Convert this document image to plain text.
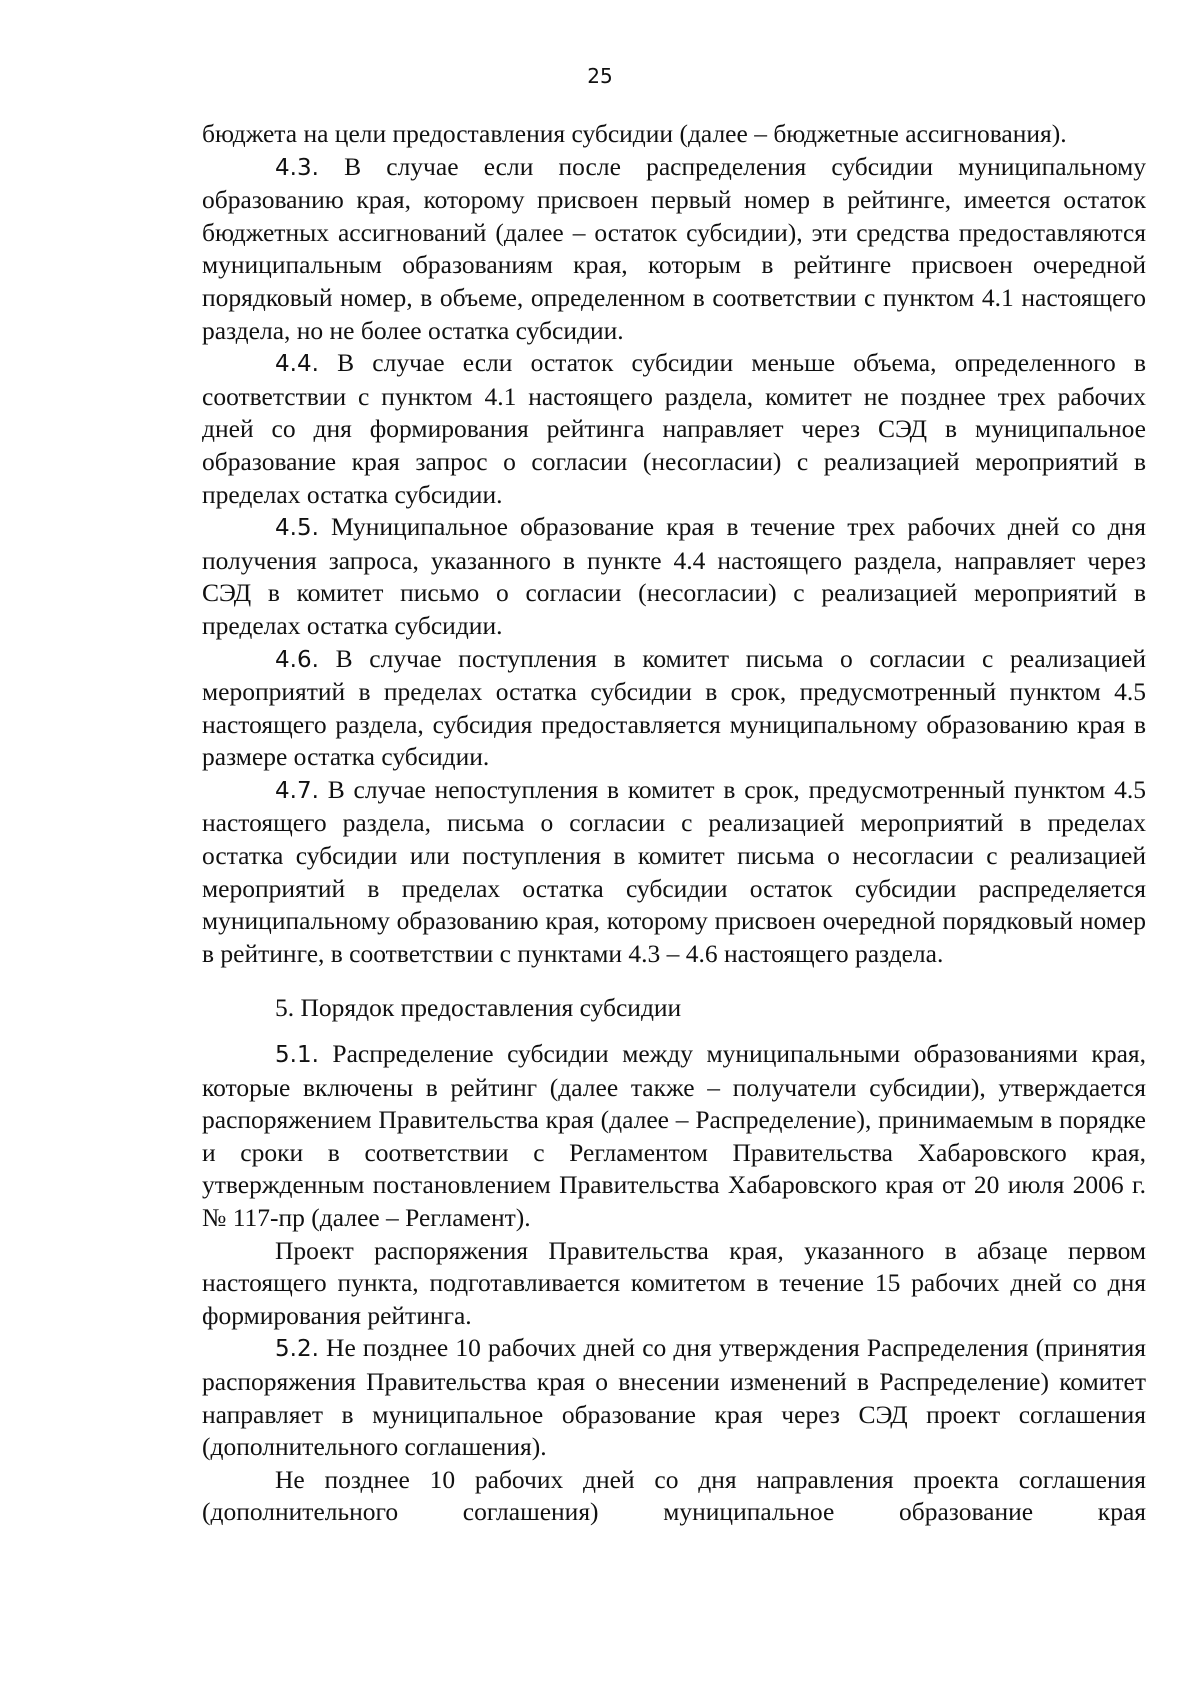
25

бюджета на цели предоставления субсидии (далее – бюджетные ассигнования).

4.3. В случае если после распределения субсидии муниципальному образованию края, которому присвоен первый номер в рейтинге, имеется остаток бюджетных ассигнований (далее – остаток субсидии), эти средства предоставляются муниципальным образованиям края, которым в рейтинге присвоен очередной порядковый номер, в объеме, определенном в соответствии с пунктом 4.1 настоящего раздела, но не более остатка субсидии.

4.4. В случае если остаток субсидии меньше объема, определенного в соответствии с пунктом 4.1 настоящего раздела, комитет не позднее трех рабочих дней со дня формирования рейтинга направляет через СЭД в муниципальное образование края запрос о согласии (несогласии) с реализацией мероприятий в пределах остатка субсидии.

4.5. Муниципальное образование края в течение трех рабочих дней со дня получения запроса, указанного в пункте 4.4 настоящего раздела, направляет через СЭД в комитет письмо о согласии (несогласии) с реализацией мероприятий в пределах остатка субсидии.

4.6. В случае поступления в комитет письма о согласии с реализацией мероприятий в пределах остатка субсидии в срок, предусмотренный пунктом 4.5 настоящего раздела, субсидия предоставляется муниципальному образованию края в размере остатка субсидии.

4.7. В случае непоступления в комитет в срок, предусмотренный пунктом 4.5 настоящего раздела, письма о согласии с реализацией мероприятий в пределах остатка субсидии или поступления в комитет письма о несогласии с реализацией мероприятий в пределах остатка субсидии остаток субсидии распределяется муниципальному образованию края, которому присвоен очередной порядковый номер в рейтинге, в соответствии с пунктами 4.3 – 4.6 настоящего раздела.

5. Порядок предоставления субсидии

5.1. Распределение субсидии между муниципальными образованиями края, которые включены в рейтинг (далее также – получатели субсидии), утверждается распоряжением Правительства края (далее – Распределение), принимаемым в порядке и сроки в соответствии с Регламентом Правительства Хабаровского края, утвержденным постановлением Правительства Хабаровского края от 20 июля 2006 г. № 117-пр (далее – Регламент).

Проект распоряжения Правительства края, указанного в абзаце первом настоящего пункта, подготавливается комитетом в течение 15 рабочих дней со дня формирования рейтинга.

5.2. Не позднее 10 рабочих дней со дня утверждения Распределения (принятия распоряжения Правительства края о внесении изменений в Распределение) комитет направляет в муниципальное образование края через СЭД проект соглашения (дополнительного соглашения).

Не позднее 10 рабочих дней со дня направления проекта соглашения (дополнительного соглашения) муниципальное образование края
